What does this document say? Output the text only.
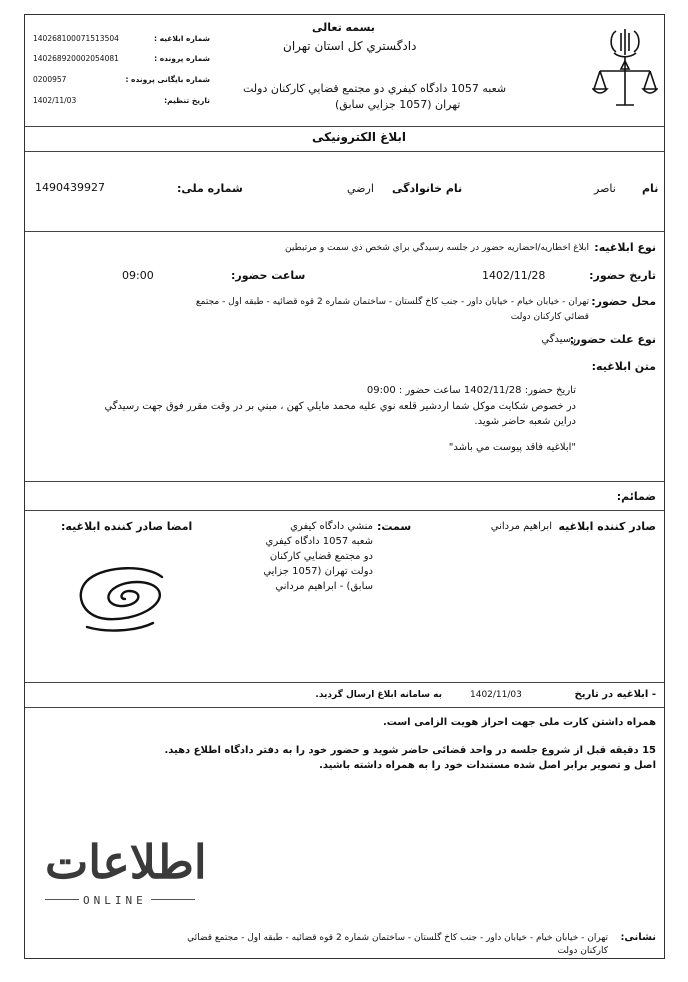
بسمه تعالی
دادگستري كل استان تهران
شعبه 1057 دادگاه كيفري دو مجتمع قضايي كاركنان دولت
تهران (1057 جزايي سابق)
140268100071513504	شماره ابلاغیه :
140268920002054081	شماره پرونده :
0200957	شماره بایگانی پرونده :
1402/11/03	تاریخ تنظیم:
ابلاغ الكترونيكی
نام
ناصر
نام خانوادگی
ارضي
شماره ملی:
1490439927
نوع ابلاغیه:
ابلاغ اخطاريه/احضاريه حضور در جلسه رسيدگي براي شخص ذي سمت و مرتبطين
تاریخ حضور:
1402/11/28
ساعت حضور:
09:00
محل حضور:
تهران - خيابان خيام - خيابان داور - جنب كاخ گلستان - ساختمان شماره 2 قوه قضائيه - طبقه اول - مجتمع
قضائي كاركنان دولت
نوع علت حضور:
رسيدگي
متن ابلاغیه:
تاريخ حضور: 1402/11/28 ساعت حضور : 09:00
در خصوص شكايت موكل شما اردشير قلعه نوي عليه محمد مايلي كهن ، مبني بر در وقت مقرر فوق جهت رسيدگي
دراين شعبه حاضر شويد.
"ابلاغيه فاقد پيوست مي باشد"
ضمائم:
صادر کننده ابلاغیه
ابراهيم مرداني
سمت:
منشي دادگاه كيفري
شعبه 1057 دادگاه كيفري
دو مجتمع قضايي كاركنان
دولت تهران (1057 جزايي
سابق) - ابراهيم مرداني
امضا صادر کننده ابلاغیه:
- ابلاغیه در تاریخ
1402/11/03
به سامانه ابلاغ ارسال گردید.
همراه داشتن كارت ملی جهت احراز هويت الزامی است.
15 دقيقه قبل از شروع جلسه در واحد قضائی حاضر شويد و حضور خود را به دفتر دادگاه اطلاع دهيد.
اصل و تصوير برابر اصل شده مستندات خود را به همراه داشته باشيد.
اطلاعات
ONLINE
نشانی:
تهران - خيابان خيام - خيابان داور - جنب كاخ گلستان - ساختمان شماره 2 قوه قضائيه - طبقه اول - مجتمع قضائي
كاركنان دولت
